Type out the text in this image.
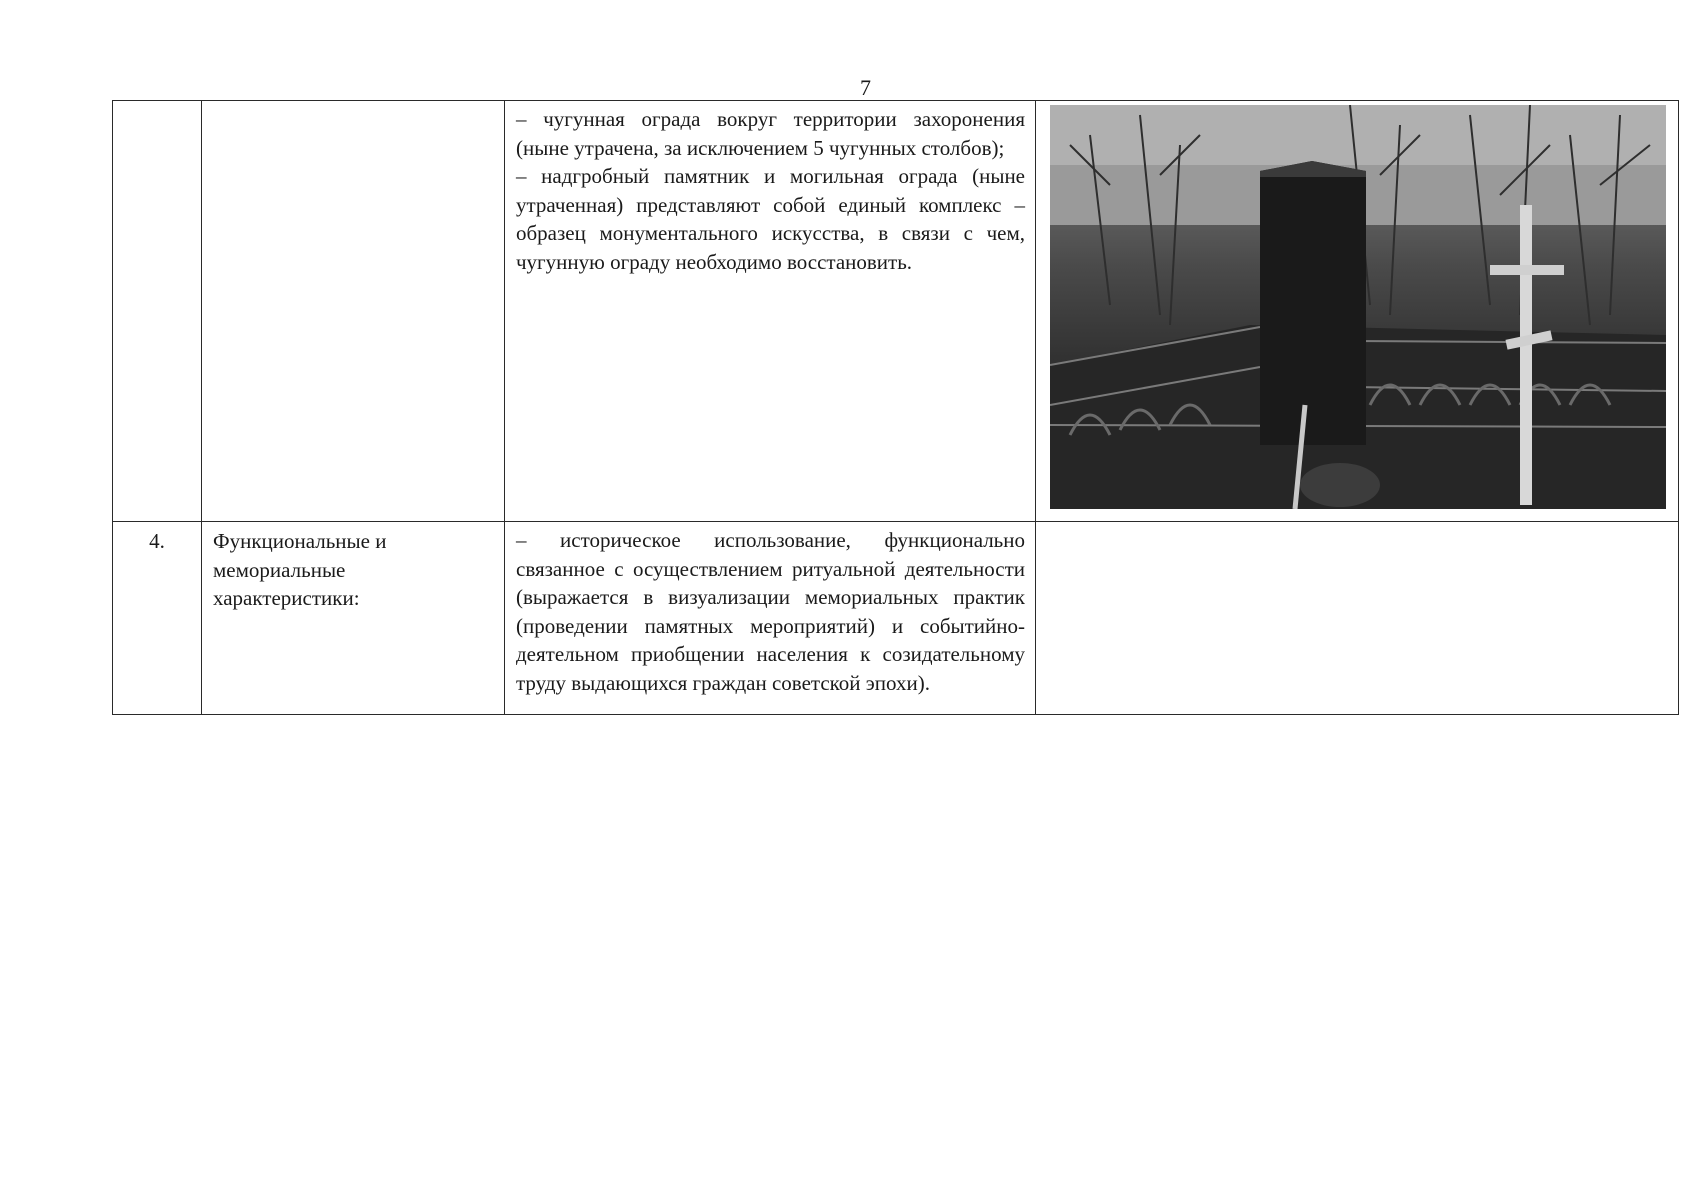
7

		– чугунная ограда вокруг территории захоронения (ныне утрачена, за исключением 5 чугунных столбов);

– надгробный памятник и могильная ограда (ныне утраченная) представляют собой единый комплекс – образец монументального искусства, в связи с чем, чугунную ограду необходимо восстановить.

4.	Функциональные и мемориальные характеристики:	– историческое использование, функционально связанное с осуществлением ритуальной деятельности (выражается в визуализации мемориальных практик (проведении памятных мероприятий) и событийно-деятельном приобщении населения к созидательному труду выдающихся граждан советской эпохи).	
